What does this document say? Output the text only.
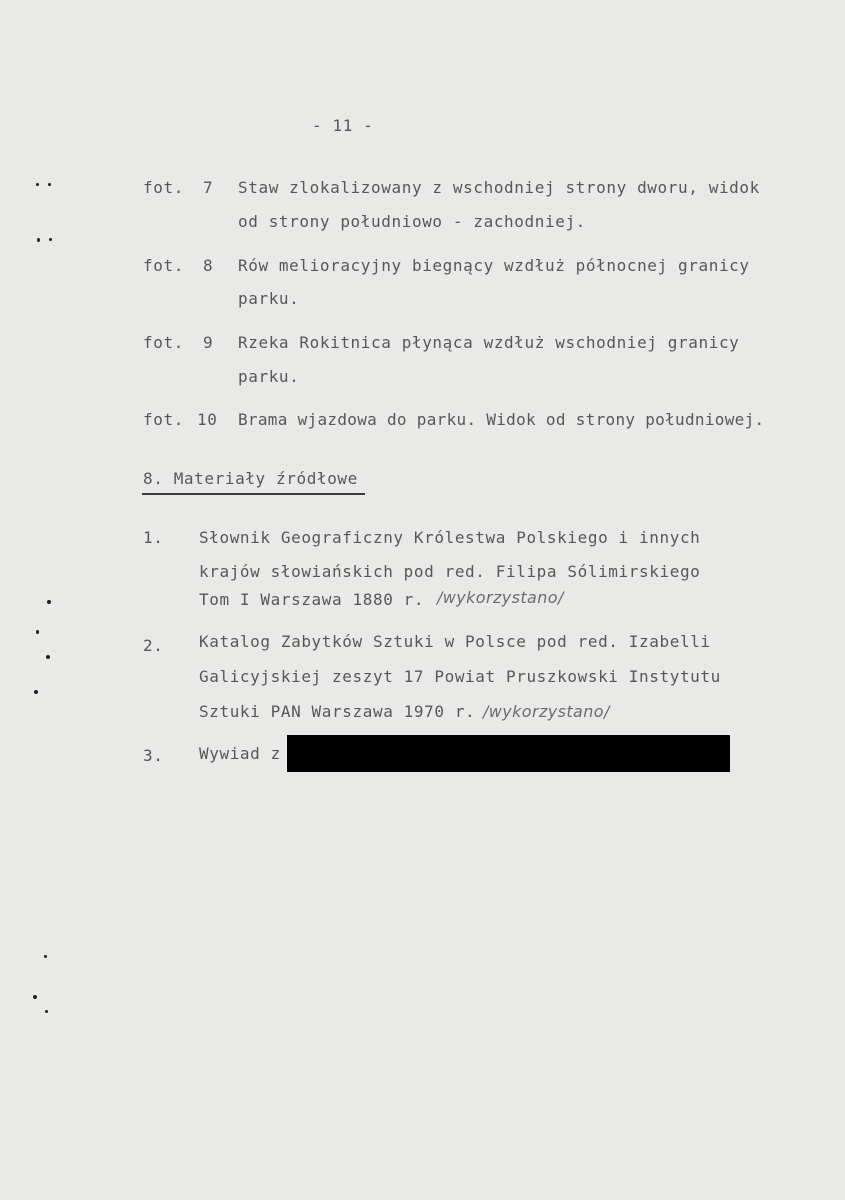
- 11 -
fot. 7 Staw zlokalizowany z wschodniej strony dworu, widok
od strony południowo - zachodniej.
fot. 8 Rów melioracyjny biegnący wzdłuż północnej granicy
parku.
fot. 9 Rzeka Rokitnica płynąca wzdłuż wschodniej granicy
parku.
fot. 10 Brama wjazdowa do parku. Widok od strony południowej.
8. Materiały źródłowe
1. Słownik Geograficzny Królestwa Polskiego i innych
krajów słowiańskich pod red. Filipa Sólimirskiego
Tom I Warszawa 1880 r. /wykorzystano/
2. Katalog Zabytków Sztuki w Polsce pod red. Izabelli
Galicyjskiej zeszyt 17 Powiat Pruszkowski Instytutu
Sztuki PAN Warszawa 1970 r. /wykorzystano/
3. Wywiad z
